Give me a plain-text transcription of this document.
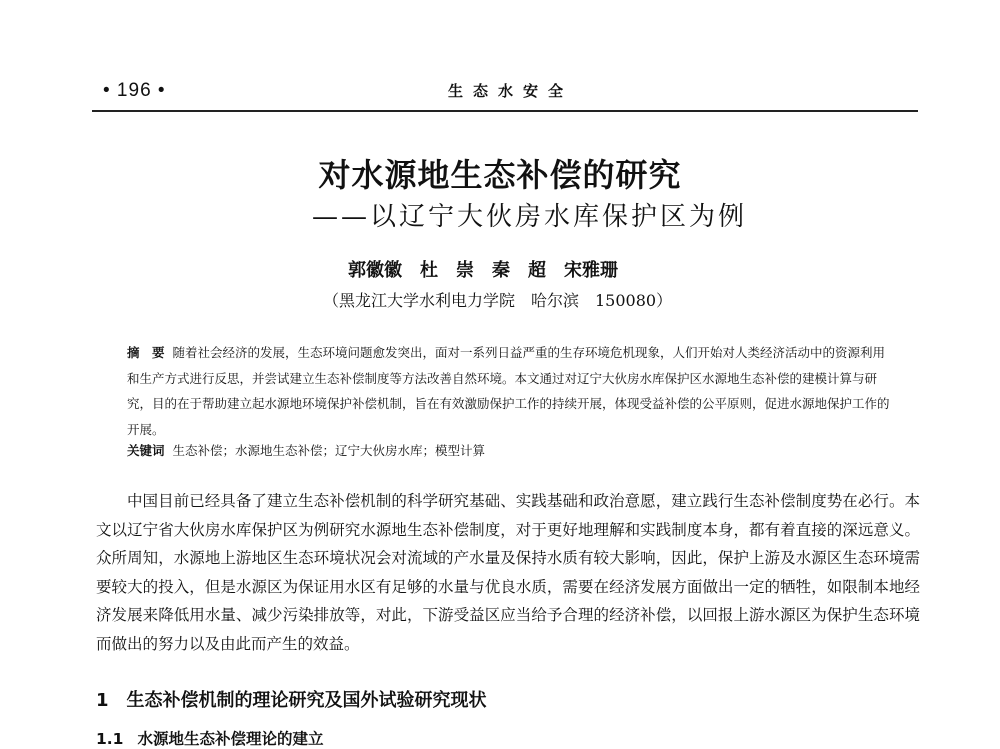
• 196 •	生态水安全
对水源地生态补偿的研究
——以辽宁大伙房水库保护区为例
郭徽徽　杜　崇　秦　超　宋雅珊
（黑龙江大学水利电力学院　哈尔滨　150080）
摘　要 随着社会经济的发展，生态环境问题愈发突出，面对一系列日益严重的生存环境危机现象，人们开始对人类经济活动中的资源利用和生产方式进行反思，并尝试建立生态补偿制度等方法改善自然环境。本文通过对辽宁大伙房水库保护区水源地生态补偿的建模计算与研究，目的在于帮助建立起水源地环境保护补偿机制，旨在有效激励保护工作的持续开展，体现受益补偿的公平原则，促进水源地保护工作的开展。
关键词 生态补偿；水源地生态补偿；辽宁大伙房水库；模型计算
中国目前已经具备了建立生态补偿机制的科学研究基础、实践基础和政治意愿，建立践行生态补偿制度势在必行。本文以辽宁省大伙房水库保护区为例研究水源地生态补偿制度，对于更好地理解和实践制度本身，都有着直接的深远意义。众所周知，水源地上游地区生态环境状况会对流域的产水量及保持水质有较大影响，因此，保护上游及水源区生态环境需要较大的投入，但是水源区为保证用水区有足够的水量与优良水质，需要在经济发展方面做出一定的牺牲，如限制本地经济发展来降低用水量、减少污染排放等，对此，下游受益区应当给予合理的经济补偿，以回报上游水源区为保护生态环境而做出的努力以及由此而产生的效益。
1 生态补偿机制的理论研究及国外试验研究现状
1.1 水源地生态补偿理论的建立
